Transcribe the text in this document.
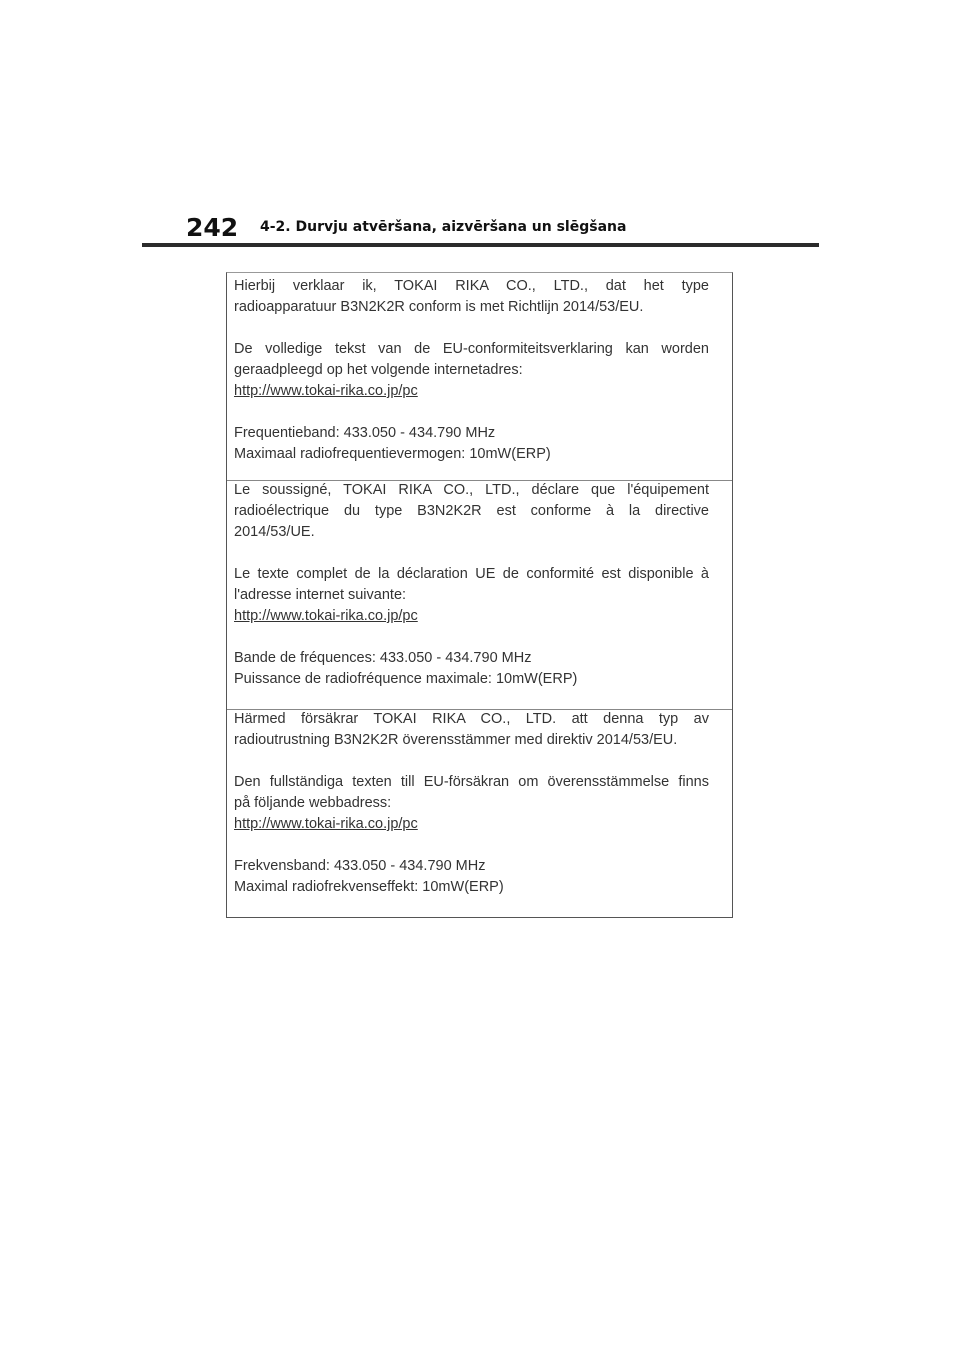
242 4-2. Durvju atvēršana, aizvēršana un slēgšana

Hierbij verklaar ik, TOKAI RIKA CO., LTD., dat het type
radioapparatuur B3N2K2R conform is met Richtlijn 2014/53/EU.

De volledige tekst van de EU-conformiteitsverklaring kan worden
geraadpleegd op het volgende internetadres:
http://www.tokai-rika.co.jp/pc

Frequentieband: 433.050 - 434.790 MHz
Maximaal radiofrequentievermogen: 10mW(ERP)

Le soussigné, TOKAI RIKA CO., LTD., déclare que l'équipement
radioélectrique du type B3N2K2R est conforme à la directive
2014/53/UE.

Le texte complet de la déclaration UE de conformité est disponible à
l'adresse internet suivante:
http://www.tokai-rika.co.jp/pc

Bande de fréquences: 433.050 - 434.790 MHz
Puissance de radiofréquence maximale: 10mW(ERP)

Härmed försäkrar TOKAI RIKA CO., LTD. att denna typ av
radioutrustning B3N2K2R överensstämmer med direktiv 2014/53/EU.

Den fullständiga texten till EU-försäkran om överensstämmelse finns
på följande webbadress:
http://www.tokai-rika.co.jp/pc

Frekvensband: 433.050 - 434.790 MHz
Maximal radiofrekvenseffekt: 10mW(ERP)
